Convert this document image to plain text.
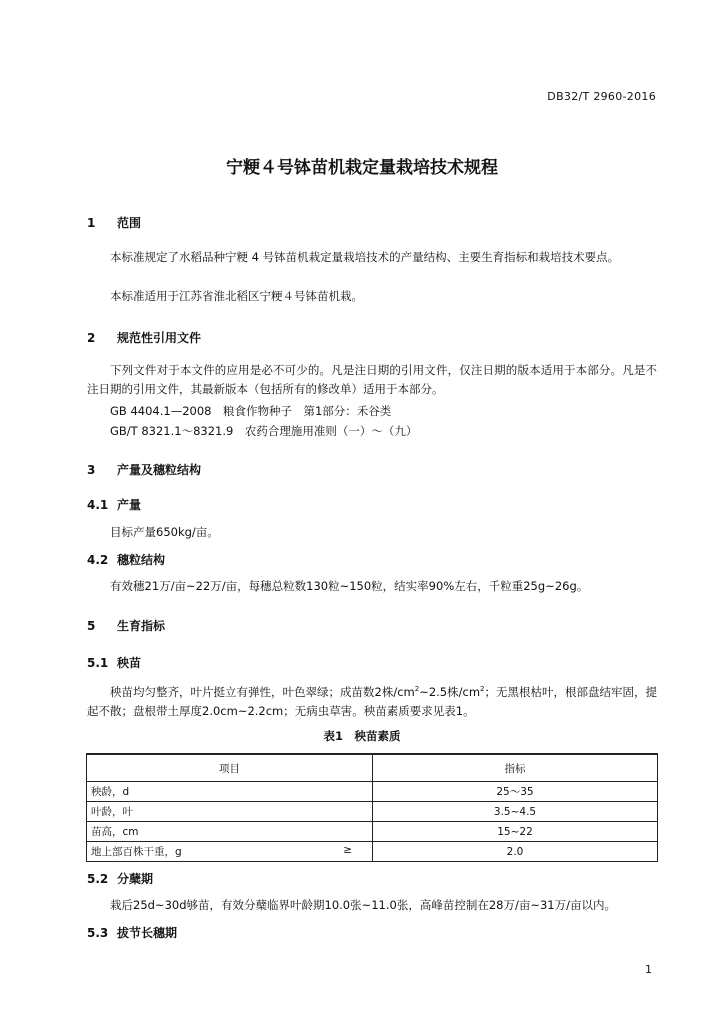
DB32/T 2960-2016
宁粳４号钵苗机栽定量栽培技术规程
1 范围
本标准规定了水稻品种宁粳 4 号钵苗机栽定量栽培技术的产量结构、主要生育指标和栽培技术要点。
本标准适用于江苏省淮北稻区宁粳４号钵苗机栽。
2 规范性引用文件
下列文件对于本文件的应用是必不可少的。凡是注日期的引用文件，仅注日期的版本适用于本部分。凡是不注日期的引用文件，其最新版本（包括所有的修改单）适用于本部分。
GB 4404.1—2008　粮食作物种子　第1部分：禾谷类
GB/T 8321.1～8321.9　农药合理施用准则（一）～（九）
3 产量及穗粒结构
4.1 产量
目标产量650kg/亩。
4.2 穗粒结构
有效穗21万/亩~22万/亩，每穗总粒数130粒~150粒，结实率90%左右，千粒重25g~26g。
5 生育指标
5.1 秧苗
秧苗均匀整齐，叶片挺立有弹性，叶色翠绿；成苗数2株$/cm^2\sim 2.5$株$/cm^2$；无黑根枯叶，根部盘结牢固，提起不散；盘根带土厚度2.0cm~2.2cm；无病虫草害。秧苗素质要求见表1。
表1　秧苗素质
项目	指标

秧龄，d	25～35

叶龄，叶	3.5~4.5

苗高，cm	15~22

地上部百株干重，g ≥	2.0
5.2 分蘖期
栽后25d~30d够苗，有效分蘖临界叶龄期10.0张~11.0张，高峰苗控制在28万/亩~31万/亩以内。
5.3 拔节长穗期
1
